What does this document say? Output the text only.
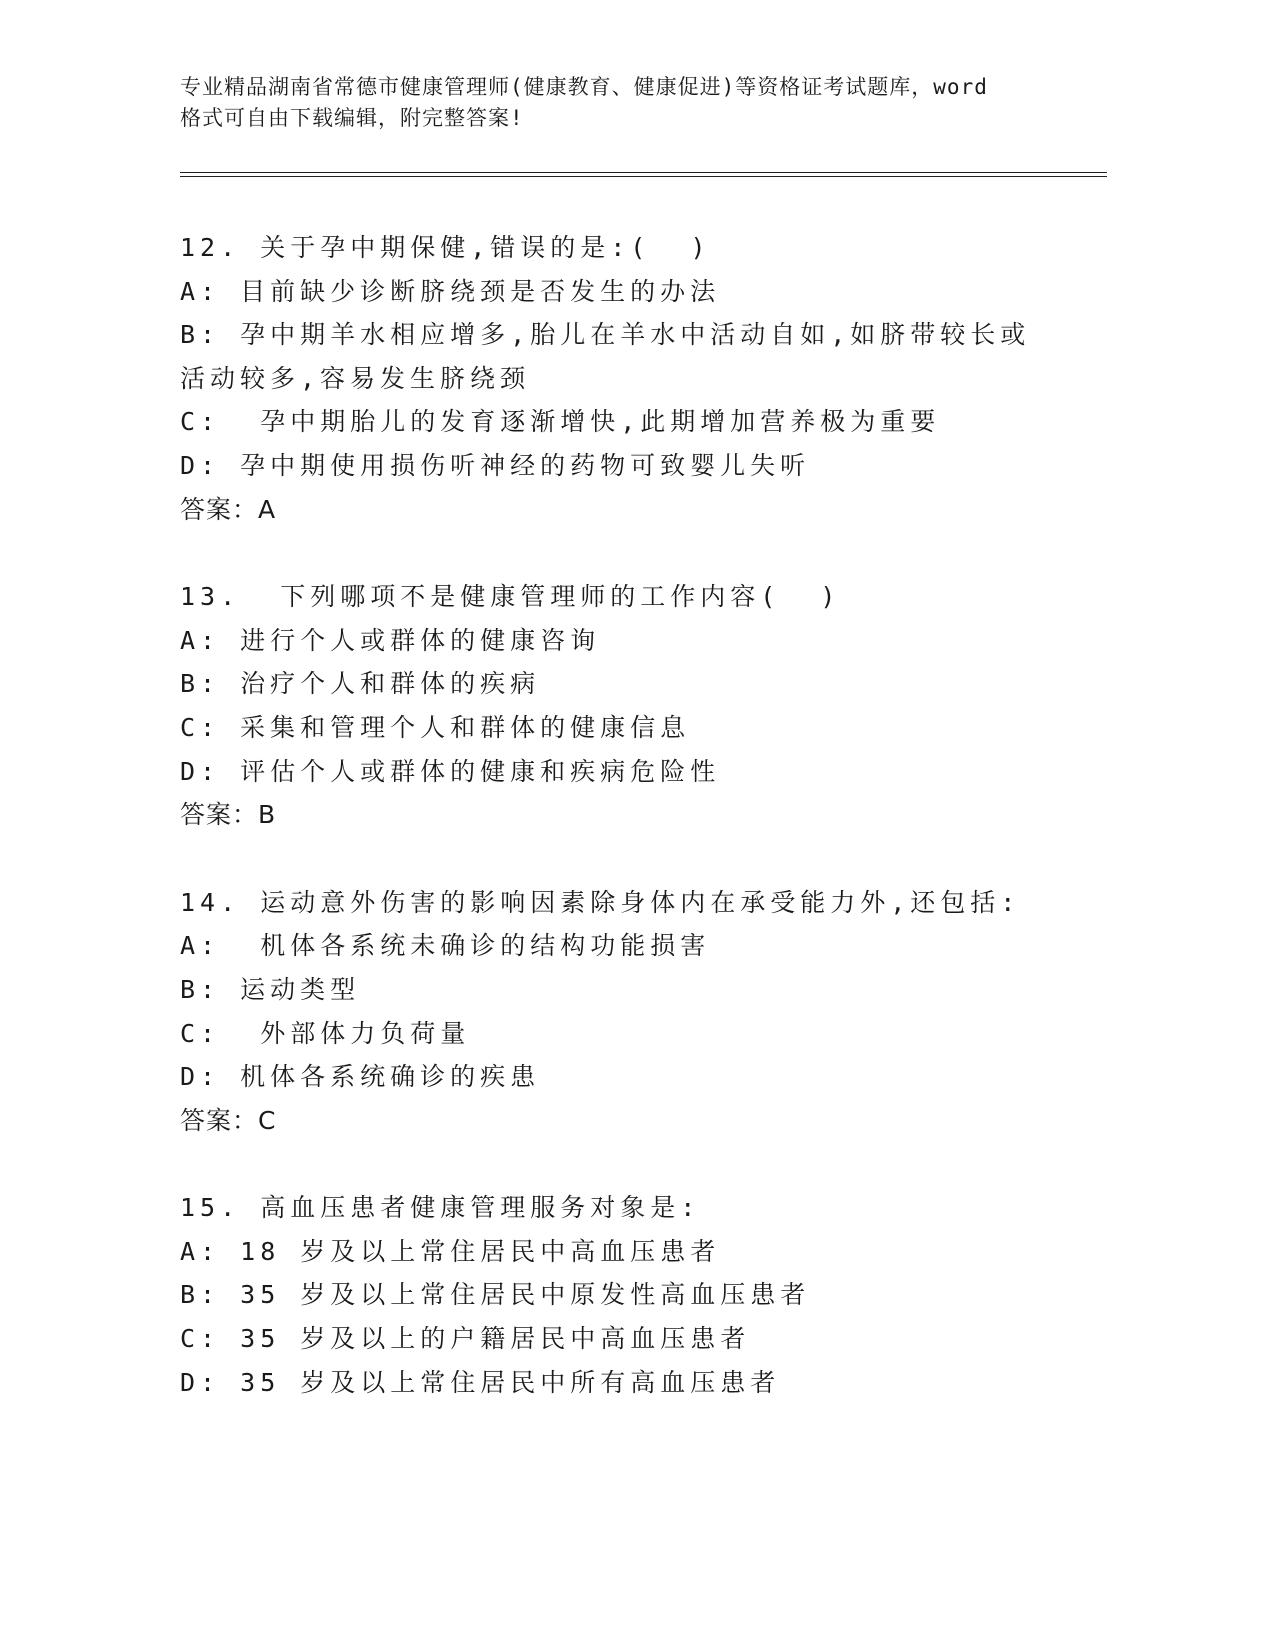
专业精品湖南省常德市健康管理师(健康教育、健康促进)等资格证考试题库，word
格式可自由下载编辑，附完整答案!
12. 关于孕中期保健,错误的是:(  )
A: 目前缺少诊断脐绕颈是否发生的办法
B: 孕中期羊水相应增多,胎儿在羊水中活动自如,如脐带较长或活动较多,容易发生脐绕颈
C:  孕中期胎儿的发育逐渐增快,此期增加营养极为重要
D: 孕中期使用损伤听神经的药物可致婴儿失听
答案：A
13.  下列哪项不是健康管理师的工作内容(  )
A: 进行个人或群体的健康咨询
B: 治疗个人和群体的疾病
C: 采集和管理个人和群体的健康信息
D: 评估个人或群体的健康和疾病危险性
答案：B
14. 运动意外伤害的影响因素除身体内在承受能力外,还包括:
A:  机体各系统未确诊的结构功能损害
B: 运动类型
C:  外部体力负荷量
D: 机体各系统确诊的疾患
答案：C
15. 高血压患者健康管理服务对象是:
A: 18 岁及以上常住居民中高血压患者
B: 35 岁及以上常住居民中原发性高血压患者
C: 35 岁及以上的户籍居民中高血压患者
D: 35 岁及以上常住居民中所有高血压患者
